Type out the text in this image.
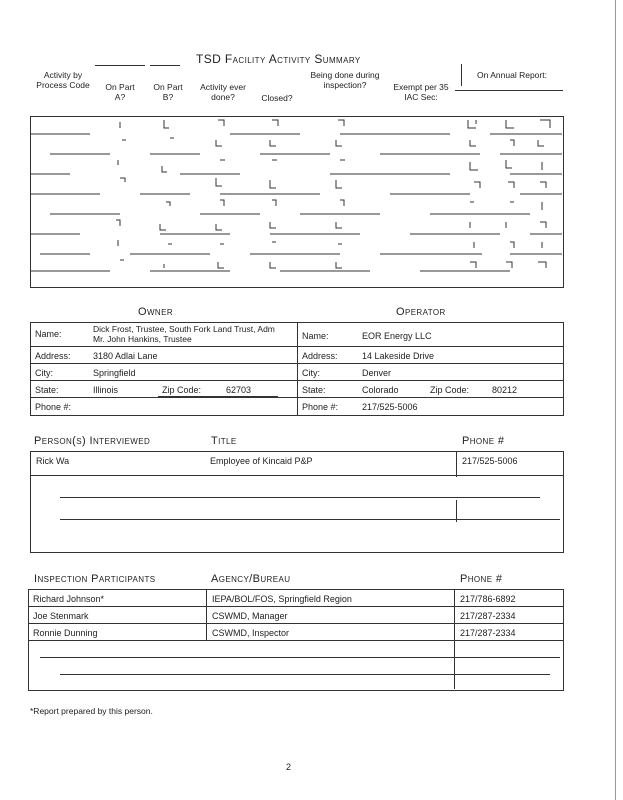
TSD Facility Activity Summary
Activity by Process Code	On Part A?
On Part B?
Activity ever done?	Closed?
Being done during inspection?	Exempt per 35 IAC Sec:
On Annual Report:
Owner	Operator
Name:	Dick Frost, Trustee, South Fork Land Trust, Adm Mr. John Hankins, Trustee
Address: 3180 Adlai Lane
City:	Springfield
State:	Illinois	Zip Code:	62703
Phone #:
Name:	EOR Energy LLC
Address:	14 Lakeside Drive
City:	Denver
State:	Colorado	Zip Code:	80212
Phone #:	217/525-5006
Person(s) Interviewed	Title	Phone #
Rick Wa	Employee of Kincaid P&P	217/525-5006
Inspection Participants	Agency/Bureau	Phone #
Richard Johnson*	IEPA/BOL/FOS, Springfield Region	217/786-6892
Joe Stenmark	CSWMD, Manager	217/287-2334
Ronnie Dunning	CSWMD, Inspector	217/287-2334
*Report prepared by this person.
2
